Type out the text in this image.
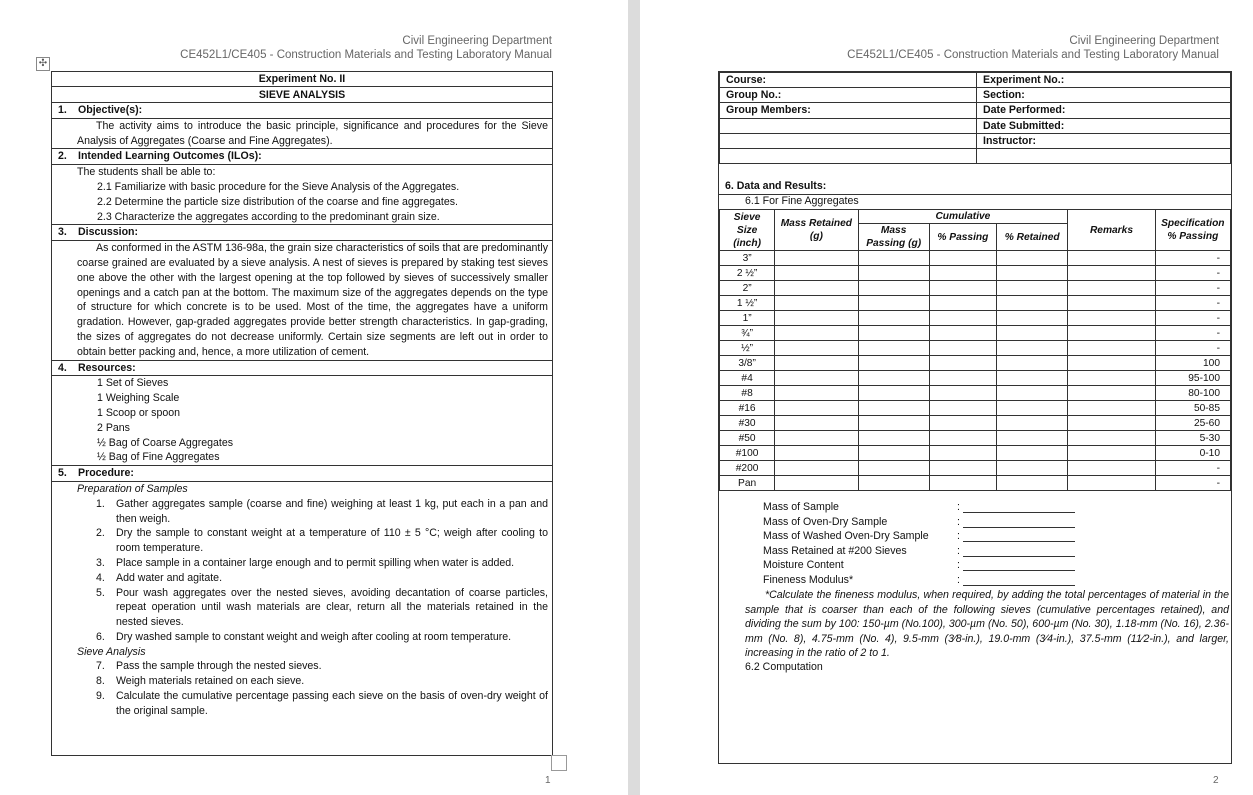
Civil Engineering Department
CE452L1/CE405 - Construction Materials and Testing Laboratory Manual
✣
Experiment No. II
SIEVE ANALYSIS
1. Objective(s):
The activity aims to introduce the basic principle, significance and procedures for the Sieve Analysis of Aggregates (Coarse and Fine Aggregates).
2. Intended Learning Outcomes (ILOs):
The students shall be able to:
2.1 Familiarize with basic procedure for the Sieve Analysis of the Aggregates.
2.2 Determine the particle size distribution of the coarse and fine aggregates.
2.3 Characterize the aggregates according to the predominant grain size.
3. Discussion:
As conformed in the ASTM 136-98a, the grain size characteristics of soils that are predominantly coarse grained are evaluated by a sieve analysis. A nest of sieves is prepared by staking test sieves one above the other with the largest opening at the top followed by sieves of successively smaller openings and a catch pan at the bottom. The maximum size of the aggregates depends on the type of structure for which concrete is to be used. Most of the time, the aggregates have a uniform gradation. However, gap-graded aggregates provide better strength characteristics. In gap-grading, the sizes of aggregates do not decrease uniformly. Certain size segments are left out in order to obtain better packing and, hence, a more utilization of cement.
4. Resources:
1 Set of Sieves
1 Weighing Scale
1 Scoop or spoon
2 Pans
½ Bag of Coarse Aggregates
½ Bag of Fine Aggregates
5. Procedure:
Preparation of Samples
1.	Gather aggregates sample (coarse and fine) weighing at least 1 kg, put each in a pan and then weigh.
2.	Dry the sample to constant weight at a temperature of 110 ± 5 °C; weigh after cooling to room temperature.
3.	Place sample in a container large enough and to permit spilling when water is added.
4.	Add water and agitate.
5.	Pour wash aggregates over the nested sieves, avoiding decantation of coarse particles, repeat operation until wash materials are clear, return all the materials retained in the nested sieves.
6.	Dry washed sample to constant weight and weigh after cooling at room temperature.
Sieve Analysis
7.	Pass the sample through the nested sieves.
8.	Weigh materials retained on each sieve.
9.	Calculate the cumulative percentage passing each sieve on the basis of oven-dry weight of the original sample.
1
Civil Engineering Department
CE452L1/CE405 - Construction Materials and Testing Laboratory Manual
2
Course:	Experiment No.:
Group No.:	Section:
Group Members:	Date Performed:
	Date Submitted:
	Instructor:

6. Data and Results:
6.1 For Fine Aggregates
Sieve Size (inch)	Mass Retained (g)	Cumulative			Remarks	Specification % Passing
		Mass Passing (g)	% Passing	% Retained		
3”						-
2 ½”						-
2”						-
1 ½”						-
1”						-
¾”						-
½”						-
3/8”						100
#4						95-100
#8						80-100
#16						50-85
#30						25-60
#50						5-30
#100						0-10
#200						-
Pan						-
Mass of Sample	:
Mass of Oven-Dry Sample	:
Mass of Washed Oven-Dry Sample	:
Mass Retained at #200 Sieves	:
Moisture Content	:
Fineness Modulus*	:
*Calculate the fineness modulus, when required, by adding the total percentages of material in the sample that is coarser than each of the following sieves (cumulative percentages retained), and dividing the sum by 100: 150-µm (No.100), 300-µm (No. 50), 600-µm (No. 30), 1.18-mm (No. 16), 2.36-mm (No. 8), 4.75-mm (No. 4), 9.5-mm (3⁄8-in.), 19.0-mm (3⁄4-in.), 37.5-mm (11⁄2-in.), and larger, increasing in the ratio of 2 to 1.
6.2 Computation
